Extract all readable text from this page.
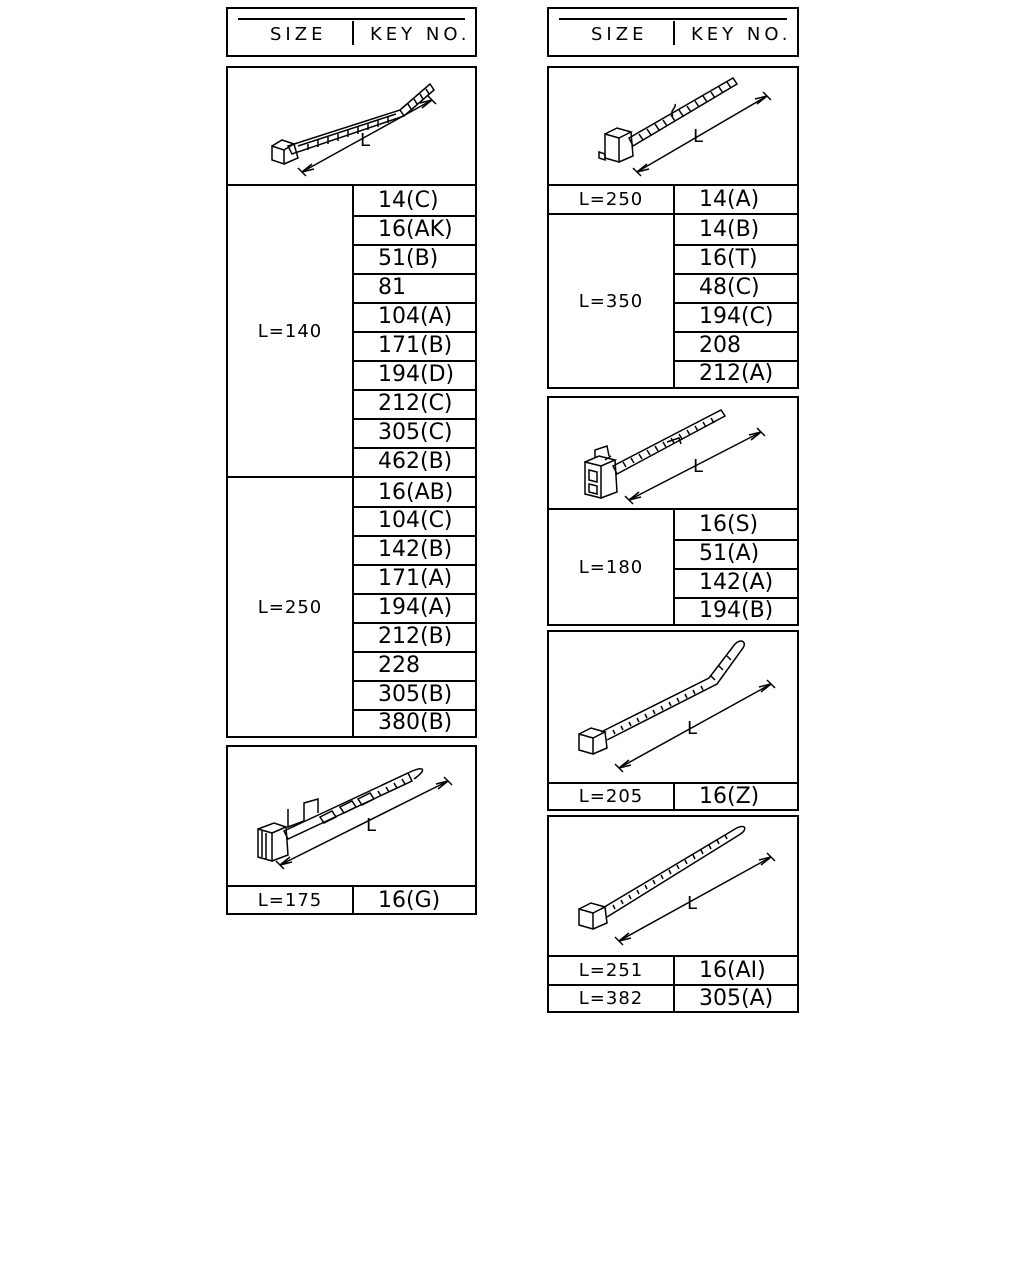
SIZE KEY NO.
L
L=140
14(C)
16(AK)
51(B)
81
104(A)
171(B)
194(D)
212(C)
305(C)
462(B)
L=250
16(AB)
104(C)
142(B)
171(A)
194(A)
212(B)
228
305(B)
380(B)
L
L=175	16(G)
SIZE KEY NO.
L
L=250	14(A)
L=350
14(B)
16(T)
48(C)
194(C)
208
212(A)
L
L=180
16(S)
51(A)
142(A)
194(B)
L
L=205	16(Z)
L
L=251	16(AI)
L=382	305(A)
